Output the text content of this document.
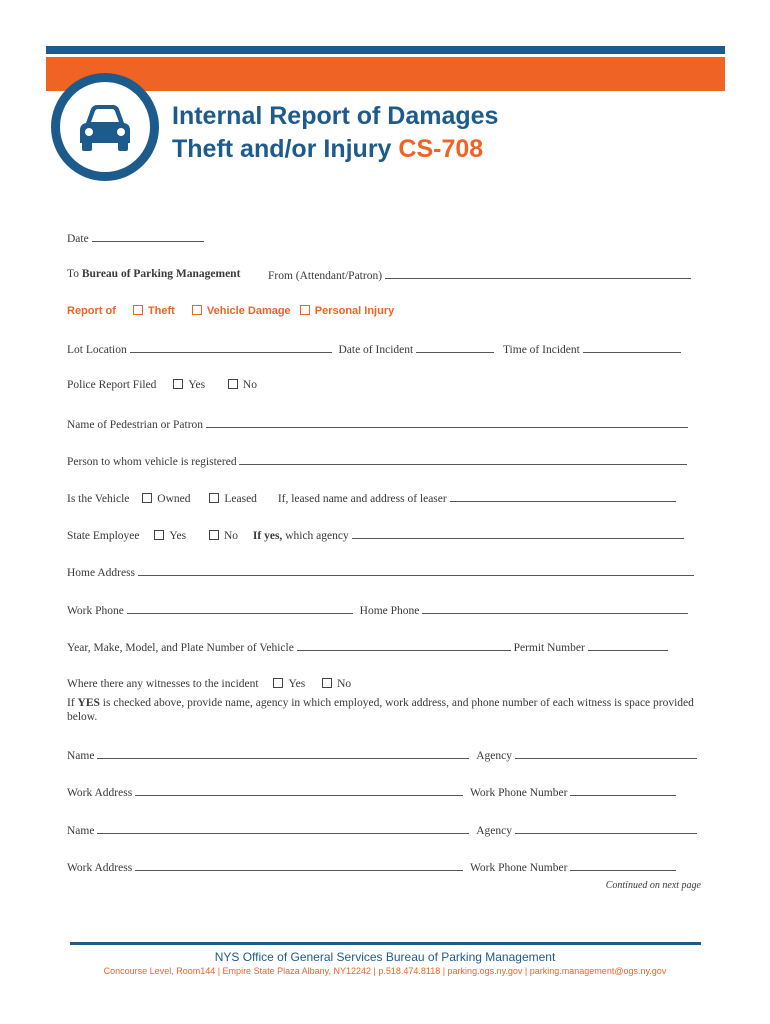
Internal Report of Damages
Theft and/or Injury CS-708
Date
To Bureau of Parking Management From (Attendant/Patron)
Report of	Theft	Vehicle Damage Personal Injury
Lot Location	Date of Incident	Time of Incident
Police Report Filed	Yes	No
Name of Pedestrian or Patron
Person to whom vehicle is registered
Is the Vehicle Owned	Leased If, leased name and address of leaser
State Employee	Yes	No If yes, which agency
Home Address
Work Phone	Home Phone
Year, Make, Model, and Plate Number of Vehicle	Permit Number
Where there any witnesses to the incident	Yes	No
If YES is checked above, provide name, agency in which employed, work address, and phone number of each witness is space provided below.
Name	Agency
Work Address	Work Phone Number
Name	Agency
Work Address	Work Phone Number
Continued on next page
NYS Office of General Services Bureau of Parking Management
Concourse Level, Room144 | Empire State Plaza Albany, NY12242 | p.518.474.8118 | parking.ogs.ny.gov | parking.management@ogs.ny.gov
